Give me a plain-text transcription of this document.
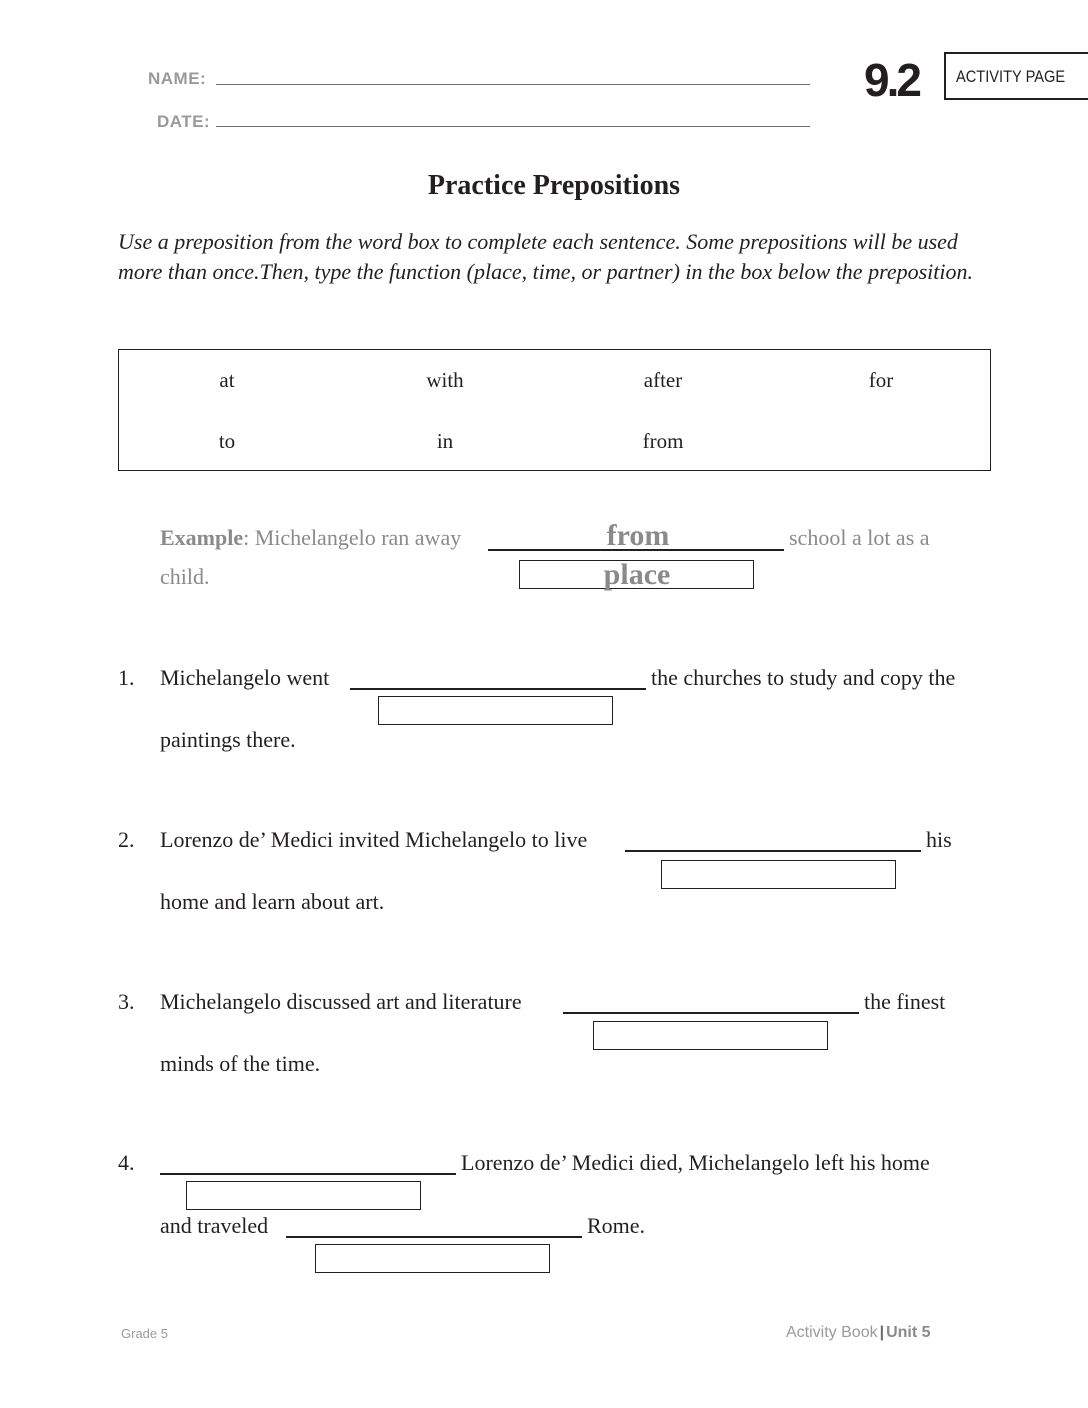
NAME:
DATE:
9.2 ACTIVITY PAGE
Practice Prepositions
Use a preposition from the word box to complete each sentence. Some prepositions will be used more than once.Then, type the function (place, time, or partner) in the box below the preposition.
at	with	after	for
to	in	from
Example: Michelangelo ran away	from	school a lot as a
child.	place
1. Michelangelo went	the churches to study and copy the
paintings there.
2. Lorenzo de’ Medici invited Michelangelo to live	his
home and learn about art.
3. Michelangelo discussed art and literature	the finest
minds of the time.
4.	Lorenzo de’ Medici died, Michelangelo left his home
and traveled	Rome.
Grade 5	Activity Book | Unit 5
